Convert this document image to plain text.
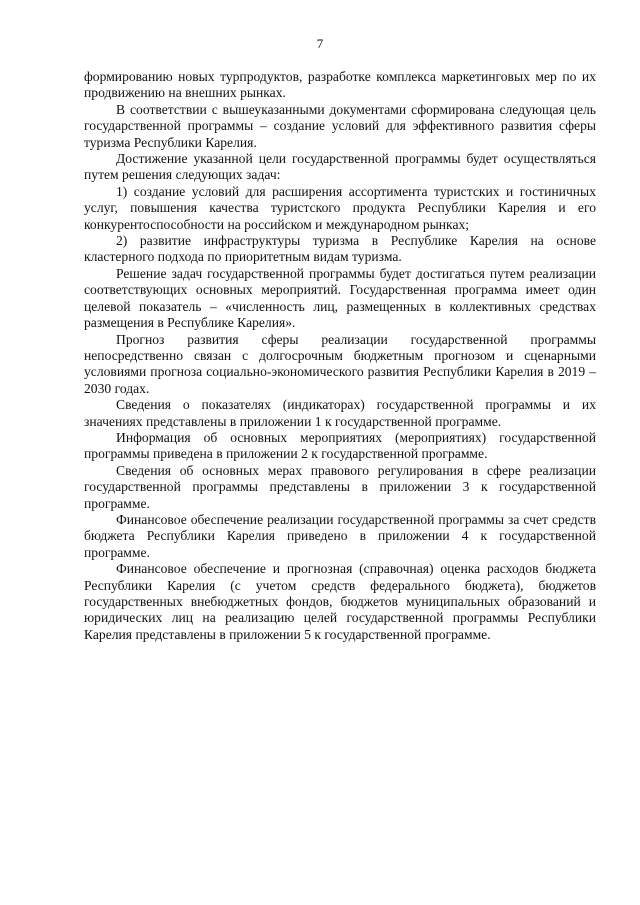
7

формированию новых турпродуктов, разработке комплекса маркетинговых мер по их продвижению на внешних рынках.

В соответствии с вышеуказанными документами сформирована следующая цель государственной программы – создание условий для эффективного развития сферы туризма Республики Карелия.

Достижение указанной цели государственной программы будет осуществляться путем решения следующих задач:

1) создание условий для расширения ассортимента туристских и гостиничных услуг, повышения качества туристского продукта Республики Карелия и его конкурентоспособности на российском и международном рынках;

2) развитие инфраструктуры туризма в Республике Карелия на основе кластерного подхода по приоритетным видам туризма.

Решение задач государственной программы будет достигаться путем реализации соответствующих основных мероприятий. Государственная программа имеет один целевой показатель – «численность лиц, размещенных в коллективных средствах размещения в Республике Карелия».

Прогноз развития сферы реализации государственной программы непосредственно связан с долгосрочным бюджетным прогнозом и сценарными условиями прогноза социально-экономического развития Республики Карелия в 2019 – 2030 годах.

Сведения о показателях (индикаторах) государственной программы и их значениях представлены в приложении 1 к государственной программе.

Информация об основных мероприятиях (мероприятиях) государственной программы приведена в приложении 2 к государственной программе.

Сведения об основных мерах правового регулирования в сфере реализации государственной программы представлены в приложении 3 к государственной программе.

Финансовое обеспечение реализации государственной программы за счет средств бюджета Республики Карелия приведено в приложении 4 к государственной программе.

Финансовое обеспечение и прогнозная (справочная) оценка расходов бюджета Республики Карелия (с учетом средств федерального бюджета), бюджетов государственных внебюджетных фондов, бюджетов муниципальных образований и юридических лиц на реализацию целей государственной программы Республики Карелия представлены в приложении 5 к государственной программе.
